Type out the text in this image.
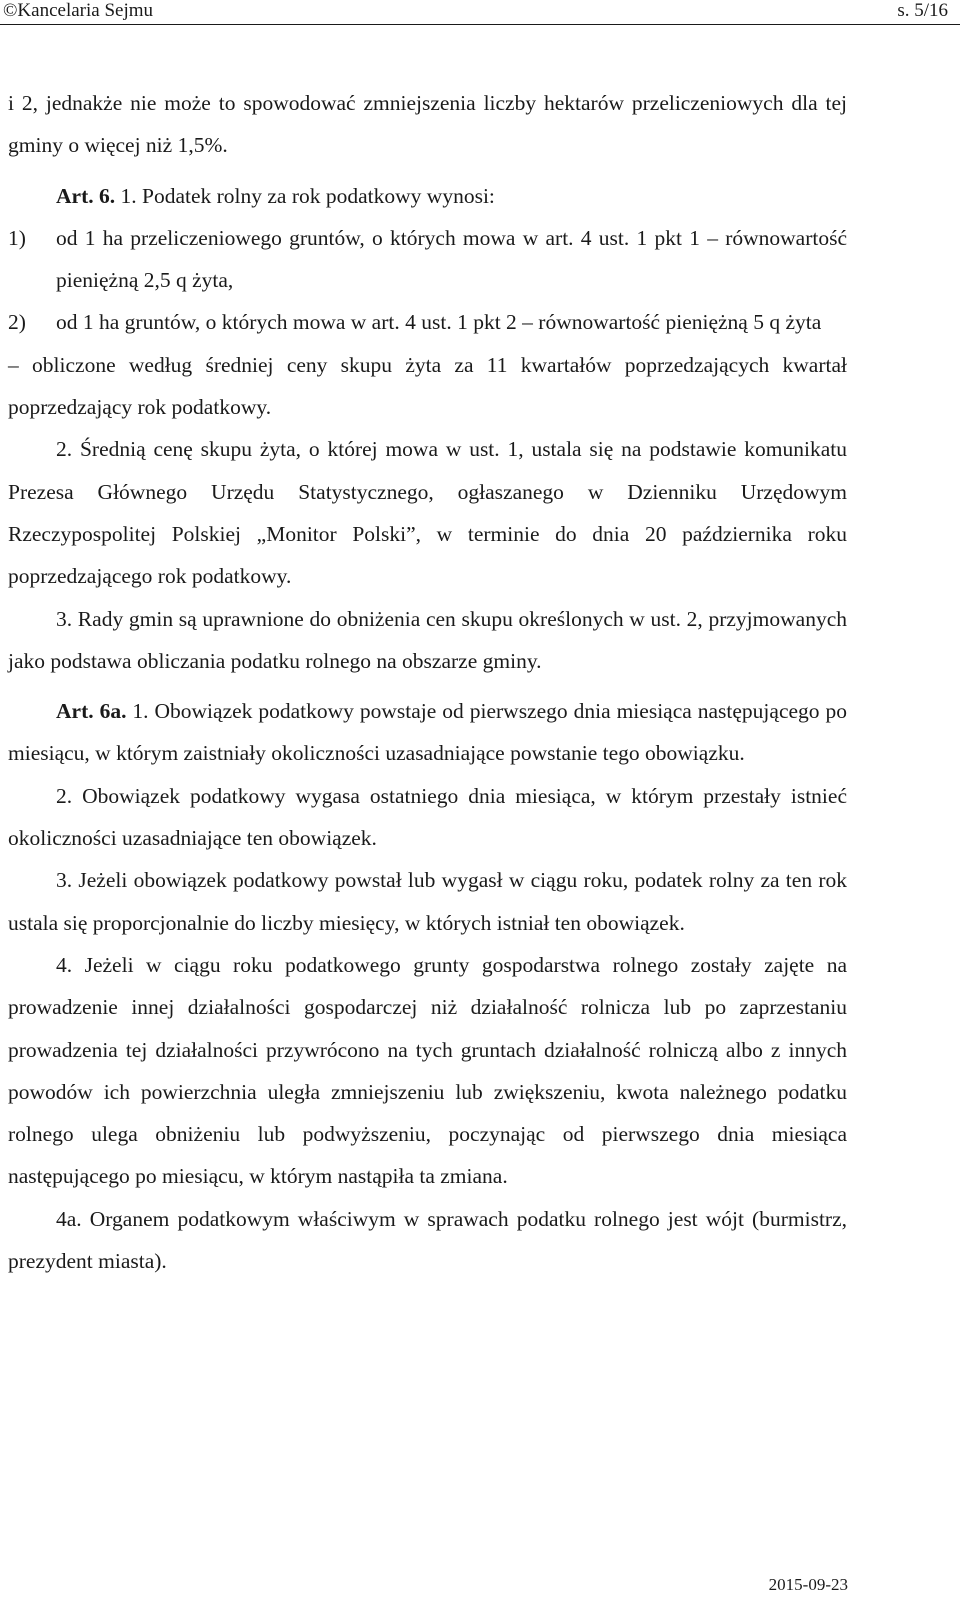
©Kancelaria Sejmu	s. 5/16

i 2, jednakże nie może to spowodować zmniejszenia liczby hektarów przeliczeniowych dla tej gminy o więcej niż 1,5%.

Art. 6. 1. Podatek rolny za rok podatkowy wynosi:

1) od 1 ha przeliczeniowego gruntów, o których mowa w art. 4 ust. 1 pkt 1 – równowartość pieniężną 2,5 q żyta,

2) od 1 ha gruntów, o których mowa w art. 4 ust. 1 pkt 2 – równowartość pieniężną 5 q żyta

– obliczone według średniej ceny skupu żyta za 11 kwartałów poprzedzających kwartał poprzedzający rok podatkowy.

2. Średnią cenę skupu żyta, o której mowa w ust. 1, ustala się na podstawie komunikatu Prezesa Głównego Urzędu Statystycznego, ogłaszanego w Dzienniku Urzędowym Rzeczypospolitej Polskiej „Monitor Polski”, w terminie do dnia 20 października roku poprzedzającego rok podatkowy.

3. Rady gmin są uprawnione do obniżenia cen skupu określonych w ust. 2, przyjmowanych jako podstawa obliczania podatku rolnego na obszarze gminy.

Art. 6a. 1. Obowiązek podatkowy powstaje od pierwszego dnia miesiąca następującego po miesiącu, w którym zaistniały okoliczności uzasadniające powstanie tego obowiązku.

2. Obowiązek podatkowy wygasa ostatniego dnia miesiąca, w którym przestały istnieć okoliczności uzasadniające ten obowiązek.

3. Jeżeli obowiązek podatkowy powstał lub wygasł w ciągu roku, podatek rolny za ten rok ustala się proporcjonalnie do liczby miesięcy, w których istniał ten obowiązek.

4. Jeżeli w ciągu roku podatkowego grunty gospodarstwa rolnego zostały zajęte na prowadzenie innej działalności gospodarczej niż działalność rolnicza lub po zaprzestaniu prowadzenia tej działalności przywrócono na tych gruntach działalność rolniczą albo z innych powodów ich powierzchnia uległa zmniejszeniu lub zwiększeniu, kwota należnego podatku rolnego ulega obniżeniu lub podwyższeniu, poczynając od pierwszego dnia miesiąca następującego po miesiącu, w którym nastąpiła ta zmiana.

4a. Organem podatkowym właściwym w sprawach podatku rolnego jest wójt (burmistrz, prezydent miasta).

2015-09-23
